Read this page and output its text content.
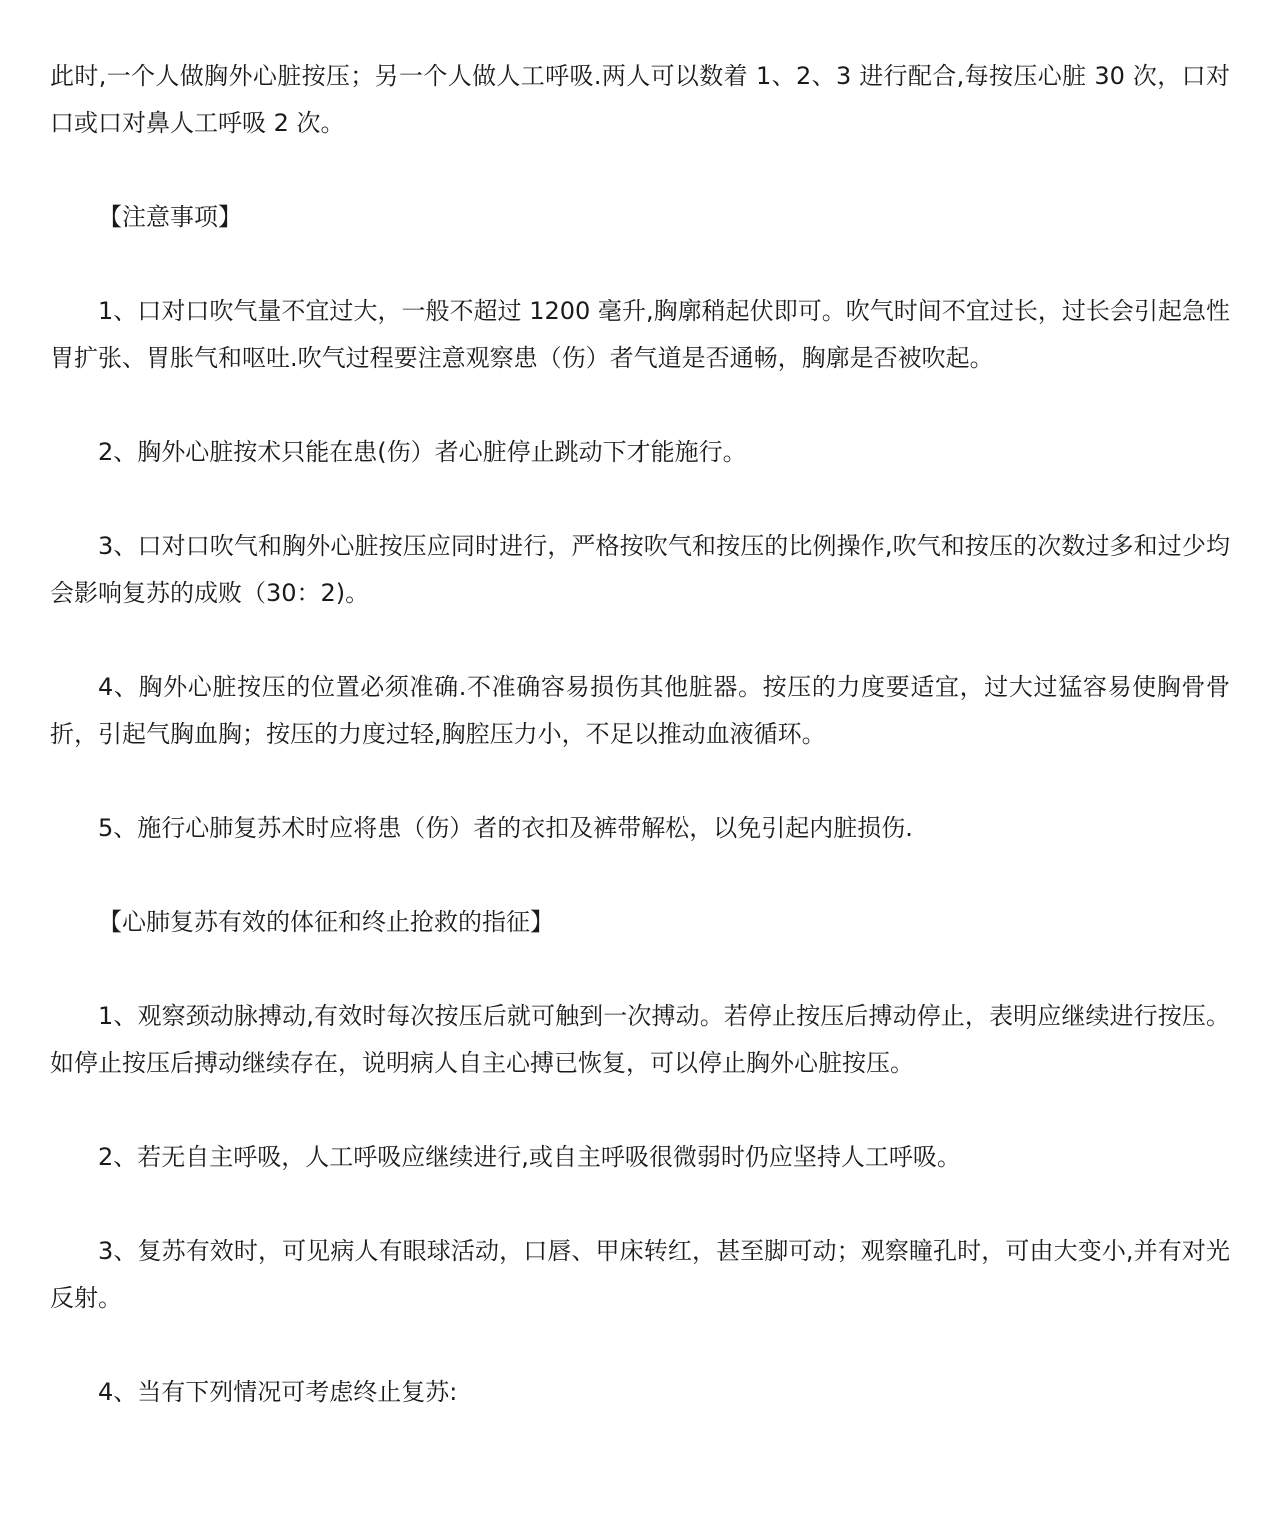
此时,一个人做胸外心脏按压；另一个人做人工呼吸.两人可以数着 1、2、3 进行配合,每按压心脏 30 次，口对口或口对鼻人工呼吸 2 次。

【注意事项】

1、口对口吹气量不宜过大，一般不超过 1200 毫升,胸廓稍起伏即可。吹气时间不宜过长，过长会引起急性胃扩张、胃胀气和呕吐.吹气过程要注意观察患（伤）者气道是否通畅，胸廓是否被吹起。

2、胸外心脏按术只能在患(伤）者心脏停止跳动下才能施行。

3、口对口吹气和胸外心脏按压应同时进行，严格按吹气和按压的比例操作,吹气和按压的次数过多和过少均会影响复苏的成败（30：2)。

4、胸外心脏按压的位置必须准确.不准确容易损伤其他脏器。按压的力度要适宜，过大过猛容易使胸骨骨折，引起气胸血胸；按压的力度过轻,胸腔压力小，不足以推动血液循环。

5、施行心肺复苏术时应将患（伤）者的衣扣及裤带解松，以免引起内脏损伤.

【心肺复苏有效的体征和终止抢救的指征】

1、观察颈动脉搏动,有效时每次按压后就可触到一次搏动。若停止按压后搏动停止，表明应继续进行按压。如停止按压后搏动继续存在，说明病人自主心搏已恢复，可以停止胸外心脏按压。

2、若无自主呼吸，人工呼吸应继续进行,或自主呼吸很微弱时仍应坚持人工呼吸。

3、复苏有效时，可见病人有眼球活动，口唇、甲床转红，甚至脚可动；观察瞳孔时，可由大变小,并有对光反射。

4、当有下列情况可考虑终止复苏:
